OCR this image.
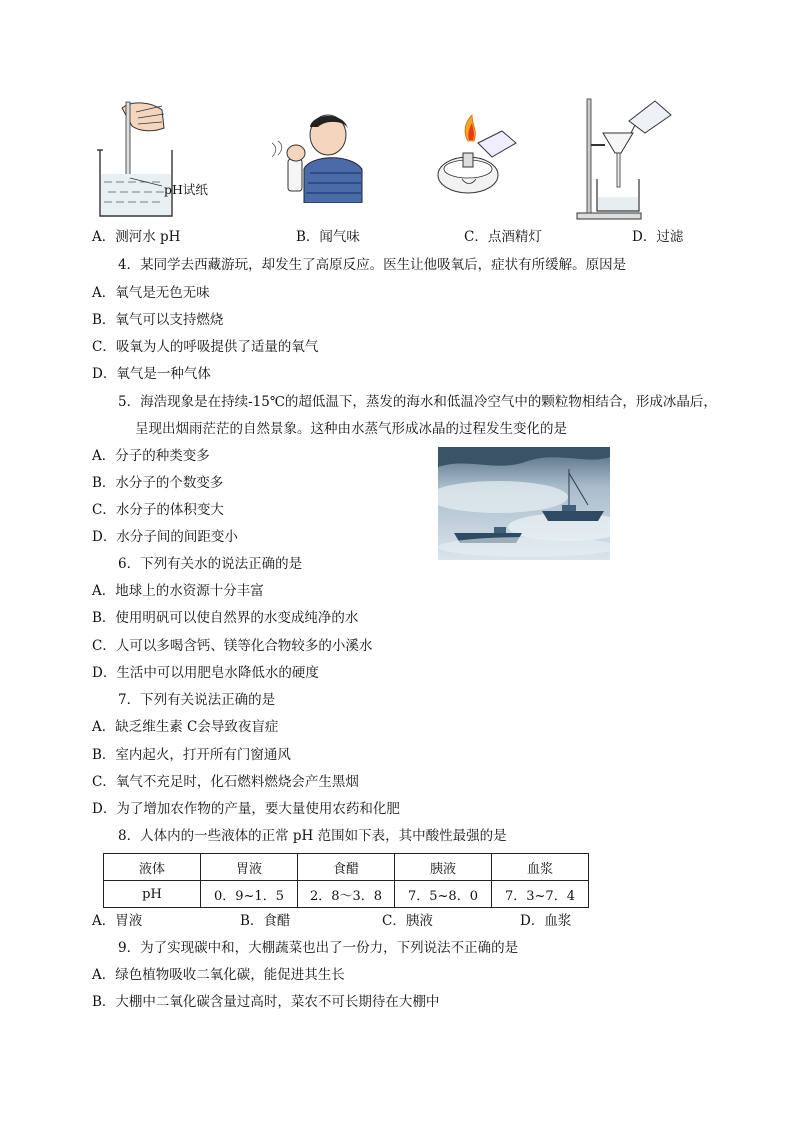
pH试纸
A．测河水 pH	B．闻气味	C．点酒精灯	D．过滤
4．某同学去西藏游玩，却发生了高原反应。医生让他吸氧后，症状有所缓解。原因是
A．氧气是无色无味
B．氧气可以支持燃烧
C．吸氧为人的呼吸提供了适量的氧气
D．氧气是一种气体
5．海浩现象是在持续-15℃的超低温下，蒸发的海水和低温冷空气中的颗粒物相结合，形成冰晶后，
呈现出烟雨茫茫的自然景象。这种由水蒸气形成冰晶的过程发生变化的是
A．分子的种类变多
B．水分子的个数变多
C．水分子的体积变大
D．水分子间的间距变小
6．下列有关水的说法正确的是
A．地球上的水资源十分丰富
B．使用明矾可以使自然界的水变成纯净的水
C．人可以多喝含钙、镁等化合物较多的小溪水
D．生活中可以用肥皂水降低水的硬度
7．下列有关说法正确的是
A．缺乏维生素 C会导致夜盲症
B．室内起火，打开所有门窗通风
C．氧气不充足时，化石燃料燃烧会产生黑烟
D．为了增加农作物的产量，要大量使用农药和化肥
8．人体内的一些液体的正常 pH 范围如下表，其中酸性最强的是
液体	胃液	食醋	胰液	血浆
pH	0．9~1．5	2．8～3．8	7．5~8．0	7．3~7．4
A．胃液	B．食醋	C．胰液	D．血浆
9．为了实现碳中和，大棚蔬菜也出了一份力，下列说法不正确的是
A．绿色植物吸收二氧化碳，能促进其生长
B．大棚中二氧化碳含量过高时，菜农不可长期待在大棚中
